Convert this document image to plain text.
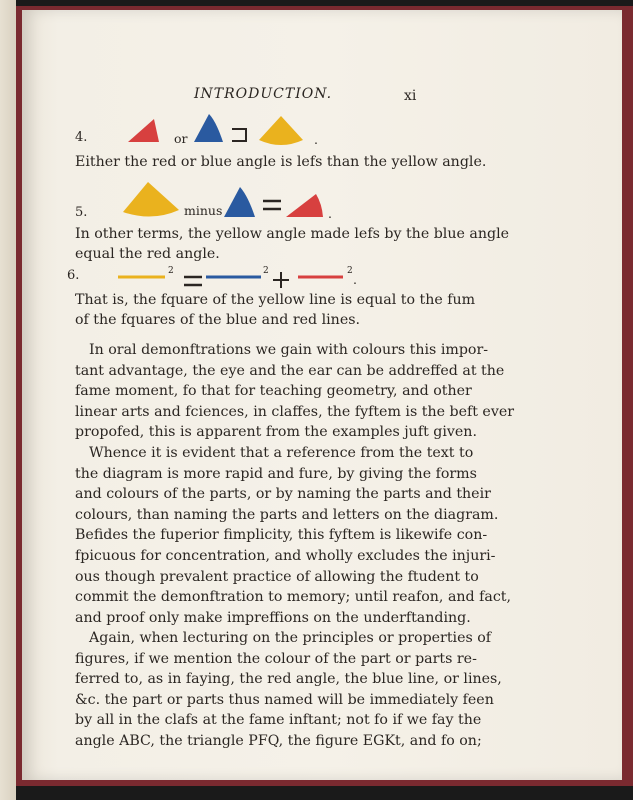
INTRODUCTION.	xi
4.	or	.
Either the red or blue angle is lefs than the yellow angle.
5.	minus	.
In other terms, the yellow angle made lefs by the blue angle
equal the red angle.
6.	2	2	2
.
That is, the fquare of the yellow line is equal to the fum
of the fquares of the blue and red lines.
In oral demonftrations we gain with colours this impor-
tant advantage, the eye and the ear can be addreffed at the
fame moment, fo that for teaching geometry, and other
linear arts and fciences, in claffes, the fyftem is the beft ever
propofed, this is apparent from the examples juft given.
Whence it is evident that a reference from the text to
the diagram is more rapid and fure, by giving the forms
and colours of the parts, or by naming the parts and their
colours, than naming the parts and letters on the diagram.
Befides the fuperior fimplicity, this fyftem is likewife con-
fpicuous for concentration, and wholly excludes the injuri-
ous though prevalent practice of allowing the ftudent to
commit the demonftration to memory; until reafon, and fact,
and proof only make impreffions on the underftanding.
Again, when lecturing on the principles or properties of
figures, if we mention the colour of the part or parts re-
ferred to, as in faying, the red angle, the blue line, or lines,
&c. the part or parts thus named will be immediately feen
by all in the clafs at the fame inftant; not fo if we fay the
angle ABC, the triangle PFQ, the figure EGKt, and fo on;
